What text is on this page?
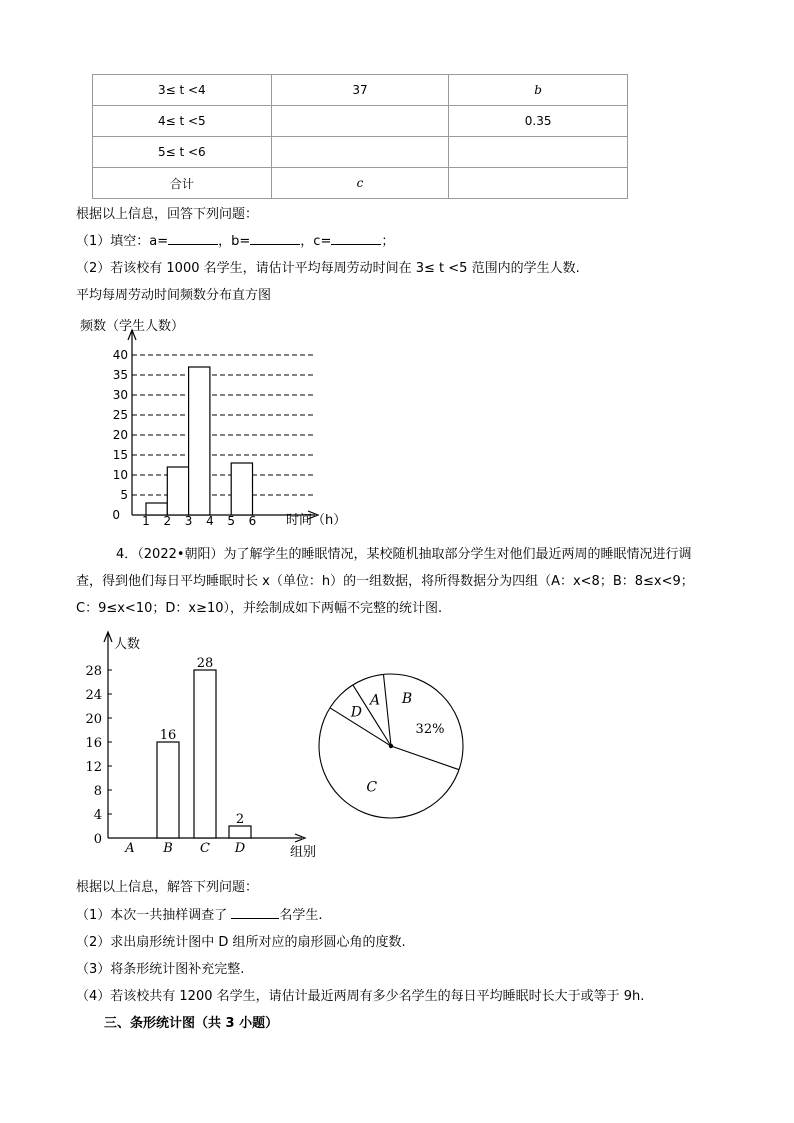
3≤ t <4	37	b
4≤ t <5		0.35
5≤ t <6		
合计	c	
根据以上信息，回答下列问题：
（1）填空：a=	，b=	，c=	；
（2）若该校有 1000 名学生，请估计平均每周劳动时间在 3≤ t <5 范围内的学生人数.
平均每周劳动时间频数分布直方图
0
5
10
15
20
25
30
35
40
1 2 3 4 5 6
频数（学生人数）
时间（h）
4．（2022•朝阳）为了解学生的睡眠情况，某校随机抽取部分学生对他们最近两周的睡眠情况进行调
查，得到他们每日平均睡眠时长 x（单位：h）的一组数据，将所得数据分为四组（A：x<8；B：8≤x<9；
C：9≤x<10；D：x≥10），并绘制成如下两幅不完整的统计图.
0
4
8
12
16
20
24
28
A B
16
C
28
D
2
人数
组别
D
A B
32%
C
根据以上信息，解答下列问题：
（1）本次一共抽样调查了	名学生.
（2）求出扇形统计图中 D 组所对应的扇形圆心角的度数.
（3）将条形统计图补充完整.
（4）若该校共有 1200 名学生，请估计最近两周有多少名学生的每日平均睡眠时长大于或等于 9h.
三、条形统计图（共 3 小题）
